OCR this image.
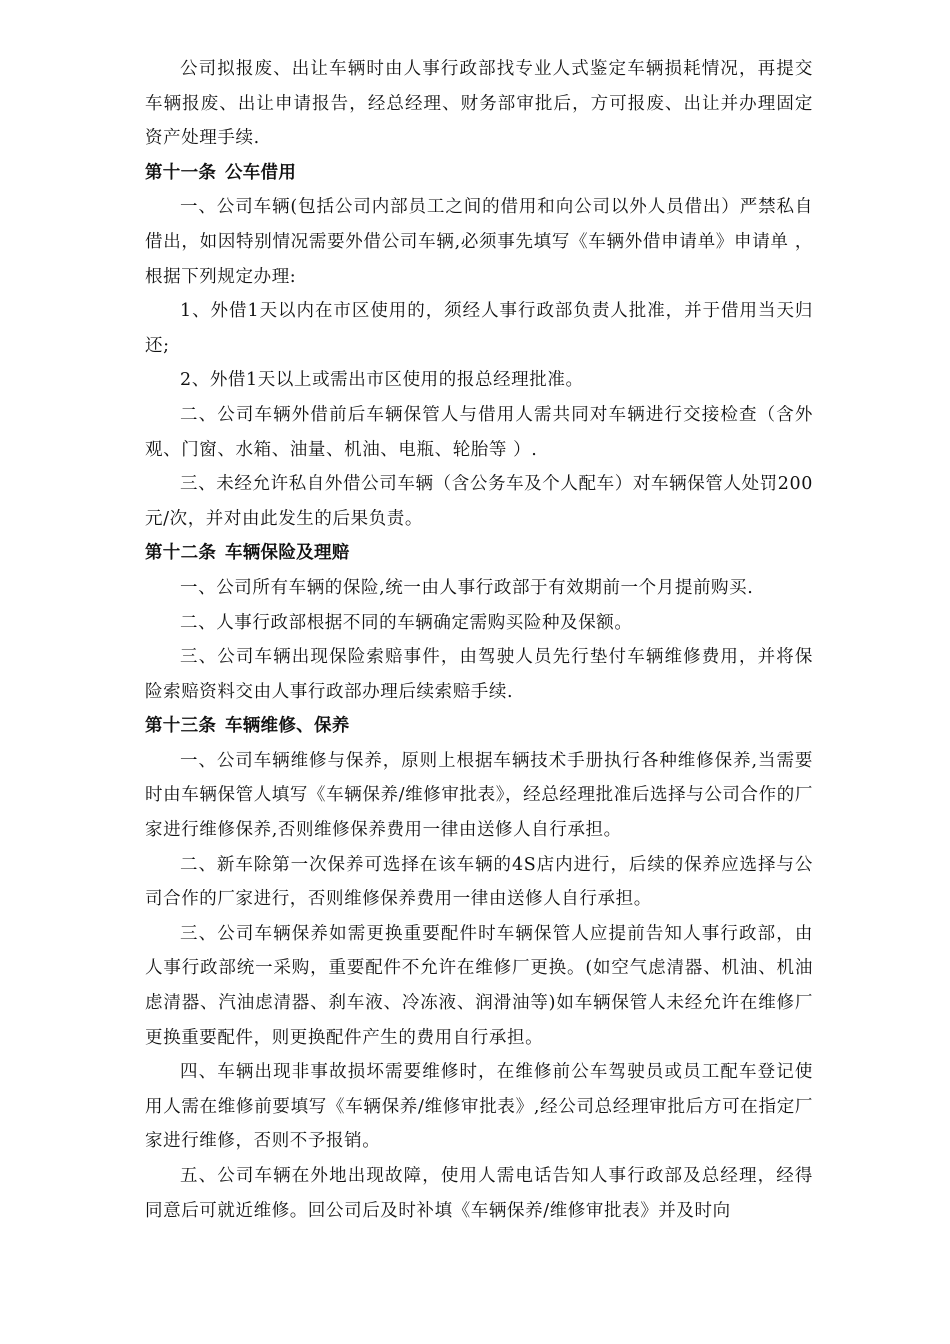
公司拟报废、出让车辆时由人事行政部找专业人式鉴定车辆损耗情况，再提交车辆报废、出让申请报告，经总经理、财务部审批后，方可报废、出让并办理固定资产处理手续.

第十一条 公车借用

一、公司车辆(包括公司内部员工之间的借用和向公司以外人员借出）严禁私自借出，如因特别情况需要外借公司车辆,必须事先填写《车辆外借申请单》申请单 ，根据下列规定办理:

1、外借1天以内在市区使用的，须经人事行政部负责人批准，并于借用当天归还;

2、外借1天以上或需出市区使用的报总经理批准。

二、公司车辆外借前后车辆保管人与借用人需共同对车辆进行交接检查（含外观、门窗、水箱、油量、机油、电瓶、轮胎等 ）.

三、未经允许私自外借公司车辆（含公务车及个人配车）对车辆保管人处罚200元/次，并对由此发生的后果负责。

第十二条 车辆保险及理赔

一、公司所有车辆的保险,统一由人事行政部于有效期前一个月提前购买.

二、人事行政部根据不同的车辆确定需购买险种及保额。

三、公司车辆出现保险索赔事件，由驾驶人员先行垫付车辆维修费用，并将保险索赔资料交由人事行政部办理后续索赔手续.

第十三条 车辆维修、保养

一、公司车辆维修与保养，原则上根据车辆技术手册执行各种维修保养,当需要时由车辆保管人填写《车辆保养/维修审批表》，经总经理批准后选择与公司合作的厂家进行维修保养,否则维修保养费用一律由送修人自行承担。

二、新车除第一次保养可选择在该车辆的4S店内进行，后续的保养应选择与公司合作的厂家进行，否则维修保养费用一律由送修人自行承担。

三、公司车辆保养如需更换重要配件时车辆保管人应提前告知人事行政部，由人事行政部统一采购，重要配件不允许在维修厂更换。(如空气虑清器、机油、机油虑清器、汽油虑清器、刹车液、冷冻液、润滑油等)如车辆保管人未经允许在维修厂更换重要配件，则更换配件产生的费用自行承担。

四、车辆出现非事故损坏需要维修时，在维修前公车驾驶员或员工配车登记使用人需在维修前要填写《车辆保养/维修审批表》,经公司总经理审批后方可在指定厂家进行维修，否则不予报销。

五、公司车辆在外地出现故障，使用人需电话告知人事行政部及总经理，经得同意后可就近维修。回公司后及时补填《车辆保养/维修审批表》并及时向
